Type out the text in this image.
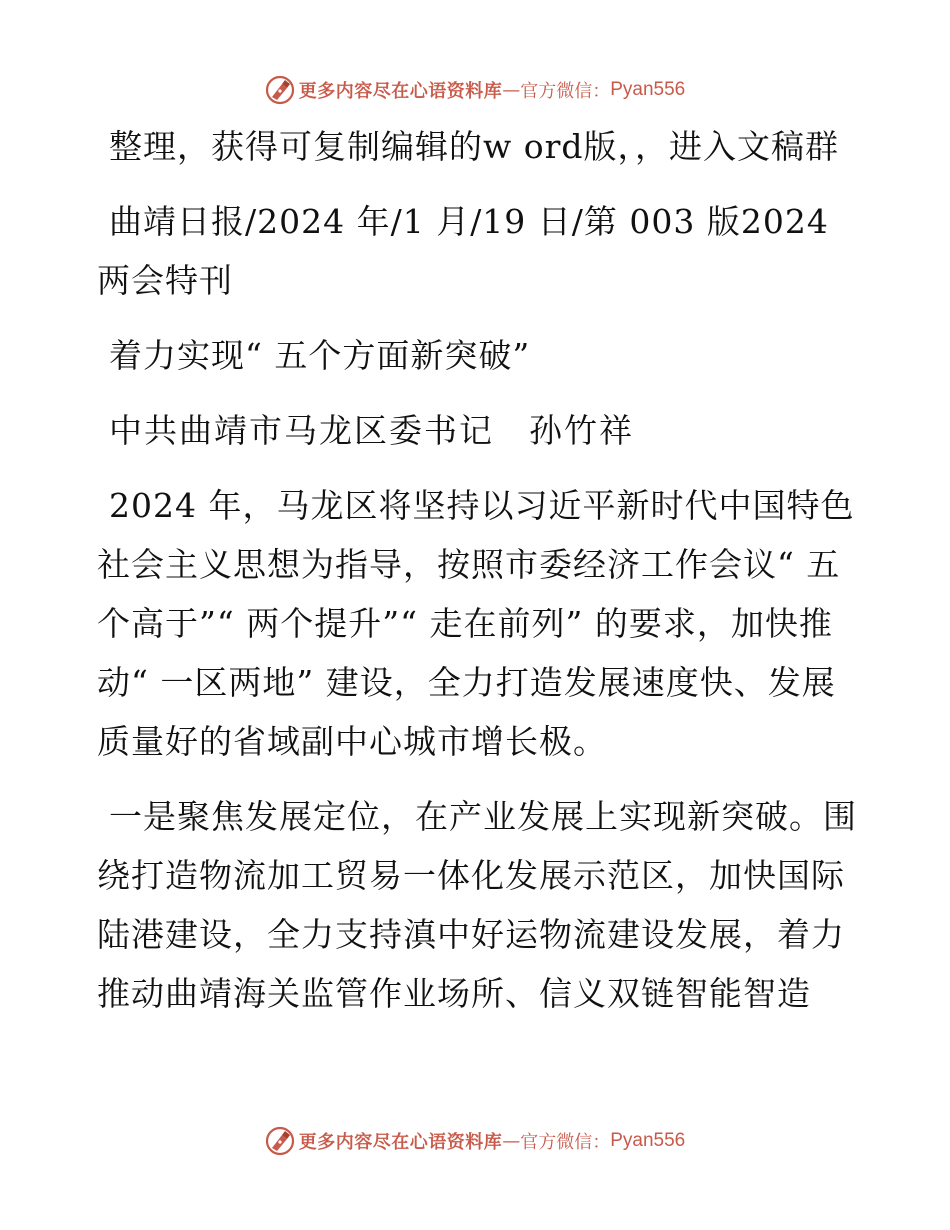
更多内容尽在心语资料库 — 官方微信： Pyan556

整理，获得可复制编辑的w ord版，，进入文稿群

曲靖日报/2024 年/1 月/19 日/第 003 版2024两会特刊

着力实现“ 五个方面新突破”

中共曲靖市马龙区委书记　孙竹祥

2024 年，马龙区将坚持以习近平新时代中国特色社会主义思想为指导，按照市委经济工作会议“ 五个高于”“ 两个提升”“ 走在前列” 的要求，加快推动“ 一区两地” 建设，全力打造发展速度快、发展质量好的省域副中心城市增长极。

一是聚焦发展定位，在产业发展上实现新突破。围绕打造物流加工贸易一体化发展示范区，加快国际陆港建设，全力支持滇中好运物流建设发展，着力推动曲靖海关监管作业场所、信义双链智能智造

更多内容尽在心语资料库 — 官方微信： Pyan556
